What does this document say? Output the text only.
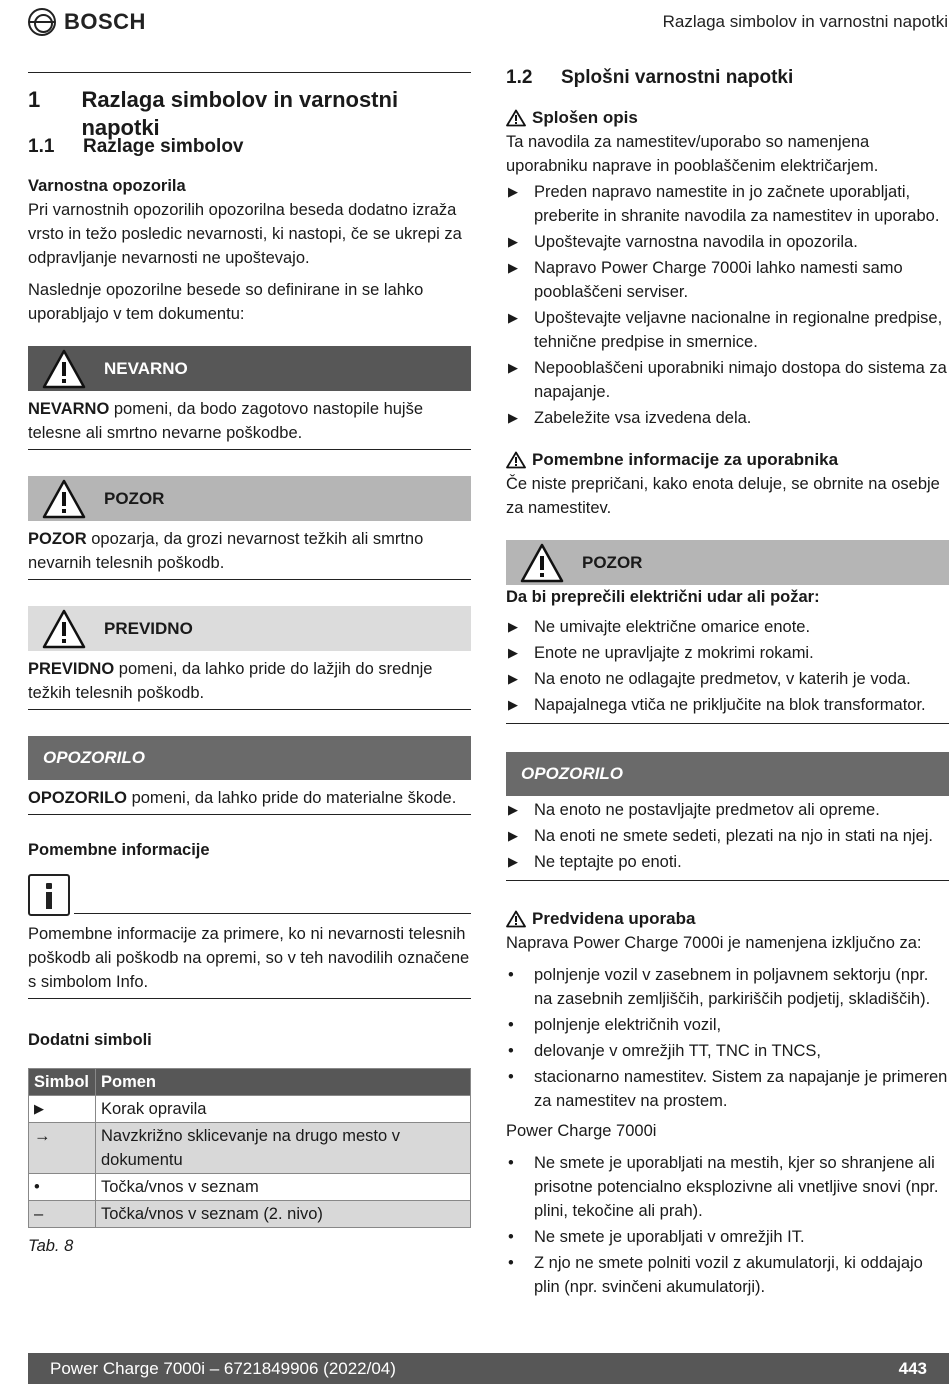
BOSCH	Razlaga simbolov in varnostni napotki
1	Razlaga simbolov in varnostni napotki
1.1	Razlage simbolov
Varnostna opozorila

Pri varnostnih opozorilih opozorilna beseda dodatno izraža vrsto in težo posledic nevarnosti, ki nastopi, če se ukrepi za odpravljanje nevarnosti ne upoštevajo.

Naslednje opozorilne besede so definirane in se lahko uporabljajo v tem dokumentu:

NEVARNO
NEVARNO pomeni, da bodo zagotovo nastopile hujše telesne ali smrtno nevarne poškodbe.
POZOR
POZOR opozarja, da grozi nevarnost težkih ali smrtno nevarnih telesnih poškodb.
PREVIDNO
PREVIDNO pomeni, da lahko pride do lažjih do srednje težkih telesnih poškodb.
OPOZORILO
OPOZORILO pomeni, da lahko pride do materialne škode.
Pomembne informacije
Pomembne informacije za primere, ko ni nevarnosti telesnih poškodb ali poškodb na opremi, so v teh navodilih označene s simbolom Info.
Dodatni simboli
Simbol	Pomen
▶	Korak opravila
→	Navzkrižno sklicevanje na drugo mesto v dokumentu
•	Točka/vnos v seznam
–	Točka/vnos v seznam (2. nivo)
Tab. 8
1.2	Splošni varnostni napotki
Splošen opis

Ta navodila za namestitev/uporabo so namenjena uporabniku naprave in pooblaščenim električarjem.

▶ Preden napravo namestite in jo začnete uporabljati, preberite in shranite navodila za namestitev in uporabo.
▶ Upoštevajte varnostna navodila in opozorila.
▶ Napravo Power Charge 7000i lahko namesti samo pooblaščeni serviser.
▶ Upoštevajte veljavne nacionalne in regionalne predpise, tehnične predpise in smernice.
▶ Nepooblaščeni uporabniki nimajo dostopa do sistema za napajanje.
▶ Zabeležite vsa izvedena dela.
Pomembne informacije za uporabnika

Če niste prepričani, kako enota deluje, se obrnite na osebje za namestitev.

POZOR
Da bi preprečili električni udar ali požar:
▶ Ne umivajte električne omarice enote.
▶ Enote ne upravljajte z mokrimi rokami.
▶ Na enoto ne odlagajte predmetov, v katerih je voda.
▶ Napajalnega vtiča ne priključite na blok transformator.
OPOZORILO
▶ Na enoto ne postavljajte predmetov ali opreme.
▶ Na enoti ne smete sedeti, plezati na njo in stati na njej.
▶ Ne teptajte po enoti.
Predvidena uporaba

Naprava Power Charge 7000i je namenjena izključno za:

• polnjenje vozil v zasebnem in poljavnem sektorju (npr. na zasebnih zemljiščih, parkiriščih podjetij, skladiščih).
• polnjenje električnih vozil,
• delovanje v omrežjih TT, TNC in TNCS,
• stacionarno namestitev. Sistem za napajanje je primeren za namestitev na prostem.

Power Charge 7000i

• Ne smete je uporabljati na mestih, kjer so shranjene ali prisotne potencialno eksplozivne ali vnetljive snovi (npr. plini, tekočine ali prah).
• Ne smete je uporabljati v omrežjih IT.
• Z njo ne smete polniti vozil z akumulatorji, ki oddajajo plin (npr. svinčeni akumulatorji).
Power Charge 7000i – 6721849906 (2022/04)	443
